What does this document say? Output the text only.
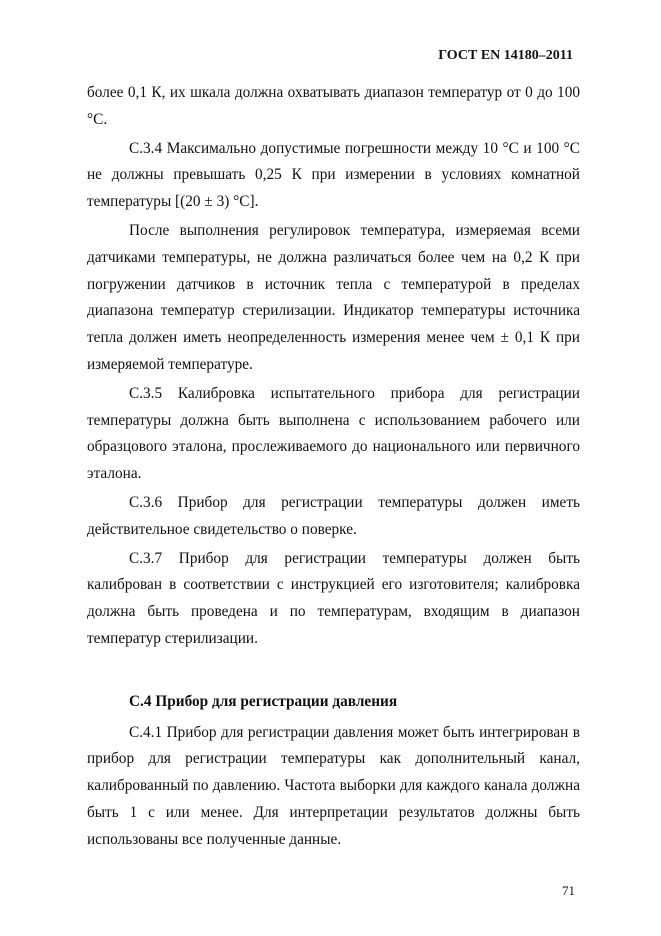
ГОСТ EN 14180–2011

более 0,1 К, их шкала должна охватывать диапазон температур от 0 до 100 °С.

С.3.4 Максимально допустимые погрешности между 10 °С и 100 °С не должны превышать 0,25 К при измерении в условиях комнатной температуры [(20 ± 3) °С].

После выполнения регулировок температура, измеряемая всеми датчиками температуры, не должна различаться более чем на 0,2 К при погружении датчиков в источник тепла с температурой в пределах диапазона температур стерилизации. Индикатор температуры источника тепла должен иметь неопределенность измерения менее чем ± 0,1 К при измеряемой температуре.

С.3.5 Калибровка испытательного прибора для регистрации температуры должна быть выполнена с использованием рабочего или образцового эталона, прослеживаемого до национального или первичного эталона.

С.3.6 Прибор для регистрации температуры должен иметь действительное свидетельство о поверке.

С.3.7 Прибор для регистрации температуры должен быть калиброван в соответствии с инструкцией его изготовителя; калибровка должна быть проведена и по температурам, входящим в диапазон температур стерилизации.

С.4 Прибор для регистрации давления

С.4.1 Прибор для регистрации давления может быть интегрирован в прибор для регистрации температуры как дополнительный канал, калиброванный по давлению. Частота выборки для каждого канала должна быть 1 с или менее. Для интерпретации результатов должны быть использованы все полученные данные.

71
